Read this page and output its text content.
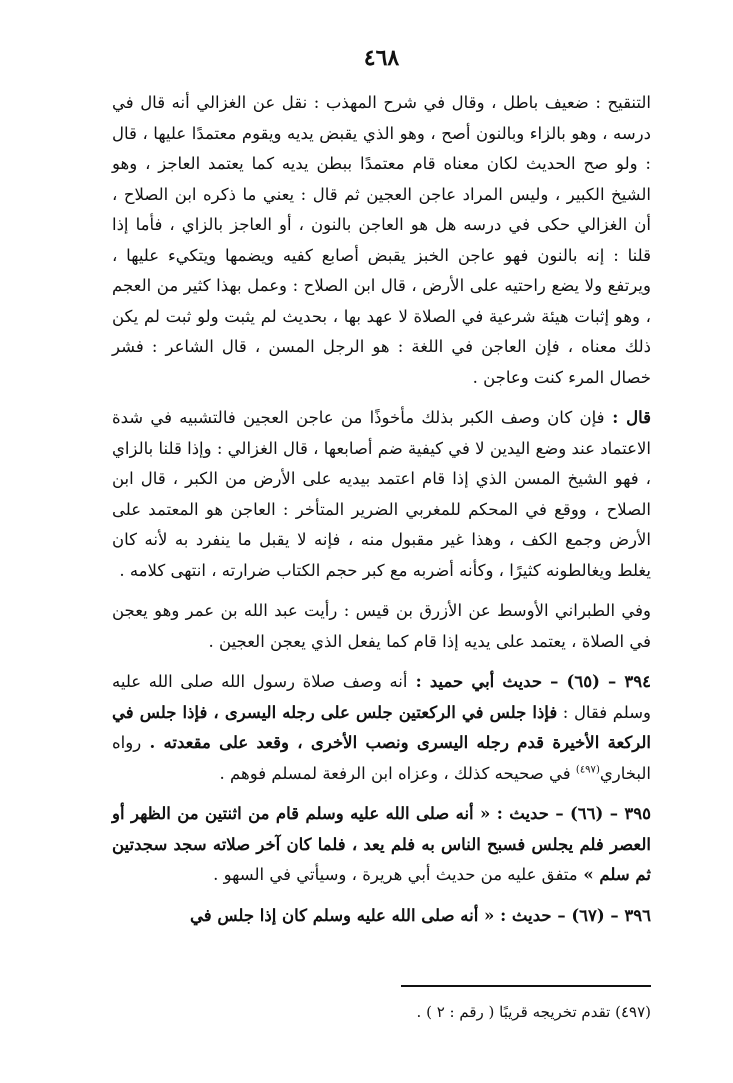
٤٦٨

التنقيح : ضعيف باطل ، وقال في شرح المهذب : نقل عن الغزالي أنه قال في درسه ، وهو بالزاء وبالنون أصح ، وهو الذي يقبض يديه ويقوم معتمدًا عليها ، قال : ولو صح الحديث لكان معناه قام معتمدًا ببطن يديه كما يعتمد العاجز ، وهو الشيخ الكبير ، وليس المراد عاجن العجين ثم قال : يعني ما ذكره ابن الصلاح ، أن الغزالي حكى في درسه هل هو العاجن بالنون ، أو العاجز بالزاي ، فأما إذا قلنا : إنه بالنون فهو عاجن الخبز يقبض أصابع كفيه ويضمها ويتكيء عليها ، ويرتفع ولا يضع راحتيه على الأرض ، قال ابن الصلاح : وعمل بهذا كثير من العجم ، وهو إثبات هيئة شرعية في الصلاة لا عهد بها ، بحديث لم يثبت ولو ثبت لم يكن ذلك معناه ، فإن العاجن في اللغة : هو الرجل المسن ، قال الشاعر : فشر خصال المرء كنت وعاجن .

قال : فإن كان وصف الكبر بذلك مأخوذًا من عاجن العجين فالتشبيه في شدة الاعتماد عند وضع اليدين لا في كيفية ضم أصابعها ، قال الغزالي : وإذا قلنا بالزاي ، فهو الشيخ المسن الذي إذا قام اعتمد بيديه على الأرض من الكبر ، قال ابن الصلاح ، ووقع في المحكم للمغربي الضرير المتأخر : العاجن هو المعتمد على الأرض وجمع الكف ، وهذا غير مقبول منه ، فإنه لا يقبل ما ينفرد به لأنه كان يغلط ويغالطونه كثيرًا ، وكأنه أضربه مع كبر حجم الكتاب ضرارته ، انتهى كلامه .

وفي الطبراني الأوسط عن الأزرق بن قيس : رأيت عبد الله بن عمر وهو يعجن في الصلاة ، يعتمد على يديه إذا قام كما يفعل الذي يعجن العجين .

٣٩٤ – (٦٥) – حديث أبي حميد : أنه وصف صلاة رسول الله صلى الله عليه وسلم فقال : فإذا جلس في الركعتين جلس على رجله اليسرى ، فإذا جلس في الركعة الأخيرة قدم رجله اليسرى ونصب الأخرى ، وقعد على مقعدته . رواه البخاري$^{(٤٩٧)}$ في صحيحه كذلك ، وعزاه ابن الرفعة لمسلم فوهم .

٣٩٥ – (٦٦) – حديث : « أنه صلى الله عليه وسلم قام من اثنتين من الظهر أو العصر فلم يجلس فسبح الناس به فلم يعد ، فلما كان آخر صلاته سجد سجدتين ثم سلم » متفق عليه من حديث أبي هريرة ، وسيأتي في السهو .

٣٩٦ – (٦٧) – حديث : « أنه صلى الله عليه وسلم كان إذا جلس في

(٤٩٧) تقدم تخريجه قريبًا ( رقم : ٢ ) .
